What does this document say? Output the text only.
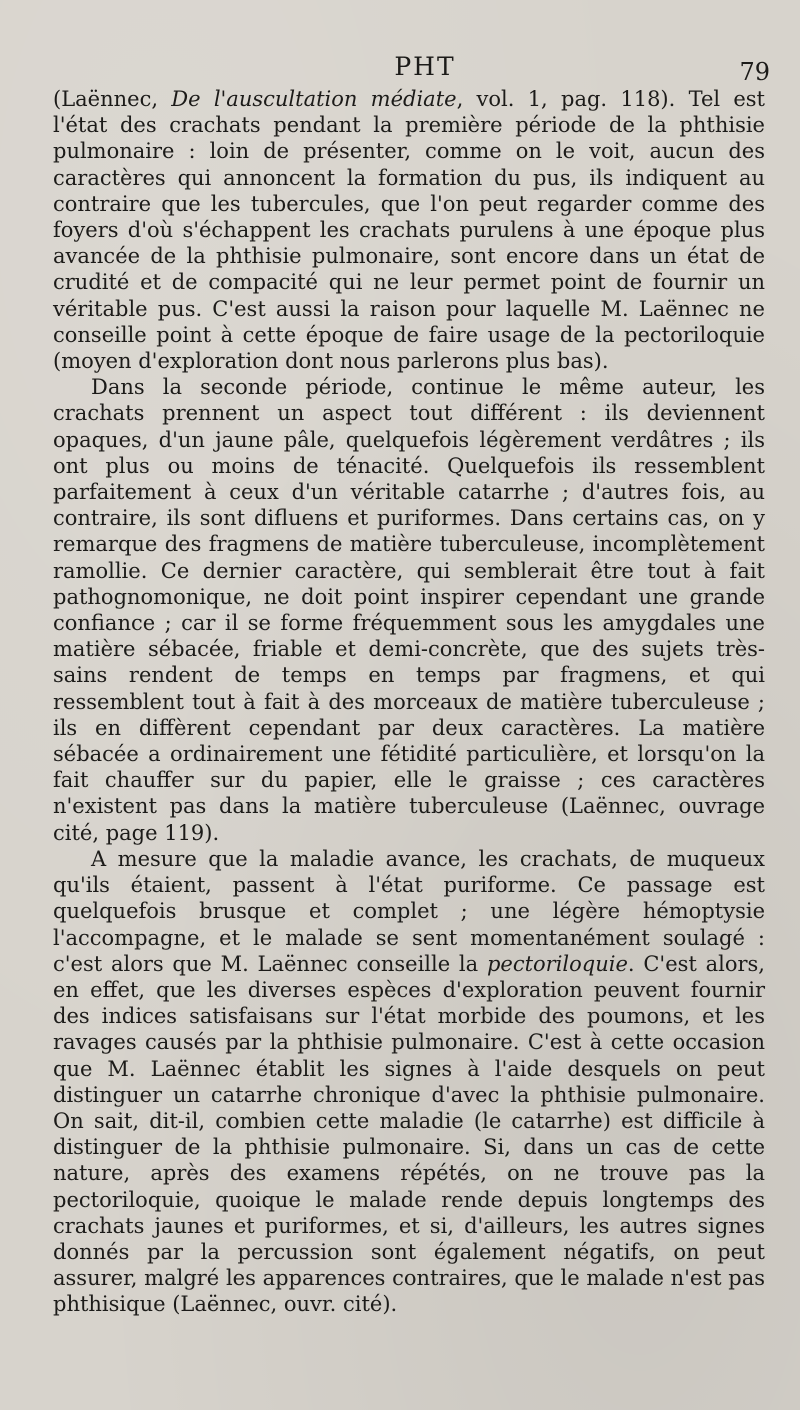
PHT	79

(Laënnec, De l'auscultation médiate, vol. 1, pag. 118). Tel est l'état des crachats pendant la première période de la phthisie pulmonaire : loin de présenter, comme on le voit, aucun des caractères qui annoncent la formation du pus, ils indiquent au contraire que les tubercules, que l'on peut regarder comme des foyers d'où s'échappent les crachats purulens à une époque plus avancée de la phthisie pulmonaire, sont encore dans un état de crudité et de compacité qui ne leur permet point de fournir un véritable pus. C'est aussi la raison pour laquelle M. Laënnec ne conseille point à cette époque de faire usage de la pectoriloquie (moyen d'exploration dont nous parlerons plus bas).

Dans la seconde période, continue le même auteur, les crachats prennent un aspect tout différent : ils deviennent opaques, d'un jaune pâle, quelquefois légèrement verdâtres ; ils ont plus ou moins de ténacité. Quelquefois ils ressemblent parfaitement à ceux d'un véritable catarrhe ; d'autres fois, au contraire, ils sont difluens et puriformes. Dans certains cas, on y remarque des fragmens de matière tuberculeuse, incomplètement ramollie. Ce dernier caractère, qui semblerait être tout à fait pathognomonique, ne doit point inspirer cependant une grande confiance ; car il se forme fréquemment sous les amygdales une matière sébacée, friable et demi-concrète, que des sujets très-sains rendent de temps en temps par fragmens, et qui ressemblent tout à fait à des morceaux de matière tuberculeuse ; ils en diffèrent cependant par deux caractères. La matière sébacée a ordinairement une fétidité particulière, et lorsqu'on la fait chauffer sur du papier, elle le graisse ; ces caractères n'existent pas dans la matière tuberculeuse (Laënnec, ouvrage cité, page 119).

A mesure que la maladie avance, les crachats, de muqueux qu'ils étaient, passent à l'état puriforme. Ce passage est quelquefois brusque et complet ; une légère hémoptysie l'accompagne, et le malade se sent momentanément soulagé : c'est alors que M. Laënnec conseille la pectoriloquie. C'est alors, en effet, que les diverses espèces d'exploration peuvent fournir des indices satisfaisans sur l'état morbide des poumons, et les ravages causés par la phthisie pulmonaire. C'est à cette occasion que M. Laënnec établit les signes à l'aide desquels on peut distinguer un catarrhe chronique d'avec la phthisie pulmonaire. On sait, dit-il, combien cette maladie (le catarrhe) est difficile à distinguer de la phthisie pulmonaire. Si, dans un cas de cette nature, après des examens répétés, on ne trouve pas la pectoriloquie, quoique le malade rende depuis longtemps des crachats jaunes et puriformes, et si, d'ailleurs, les autres signes donnés par la percussion sont également négatifs, on peut assurer, malgré les apparences contraires, que le malade n'est pas phthisique (Laënnec, ouvr. cité).
